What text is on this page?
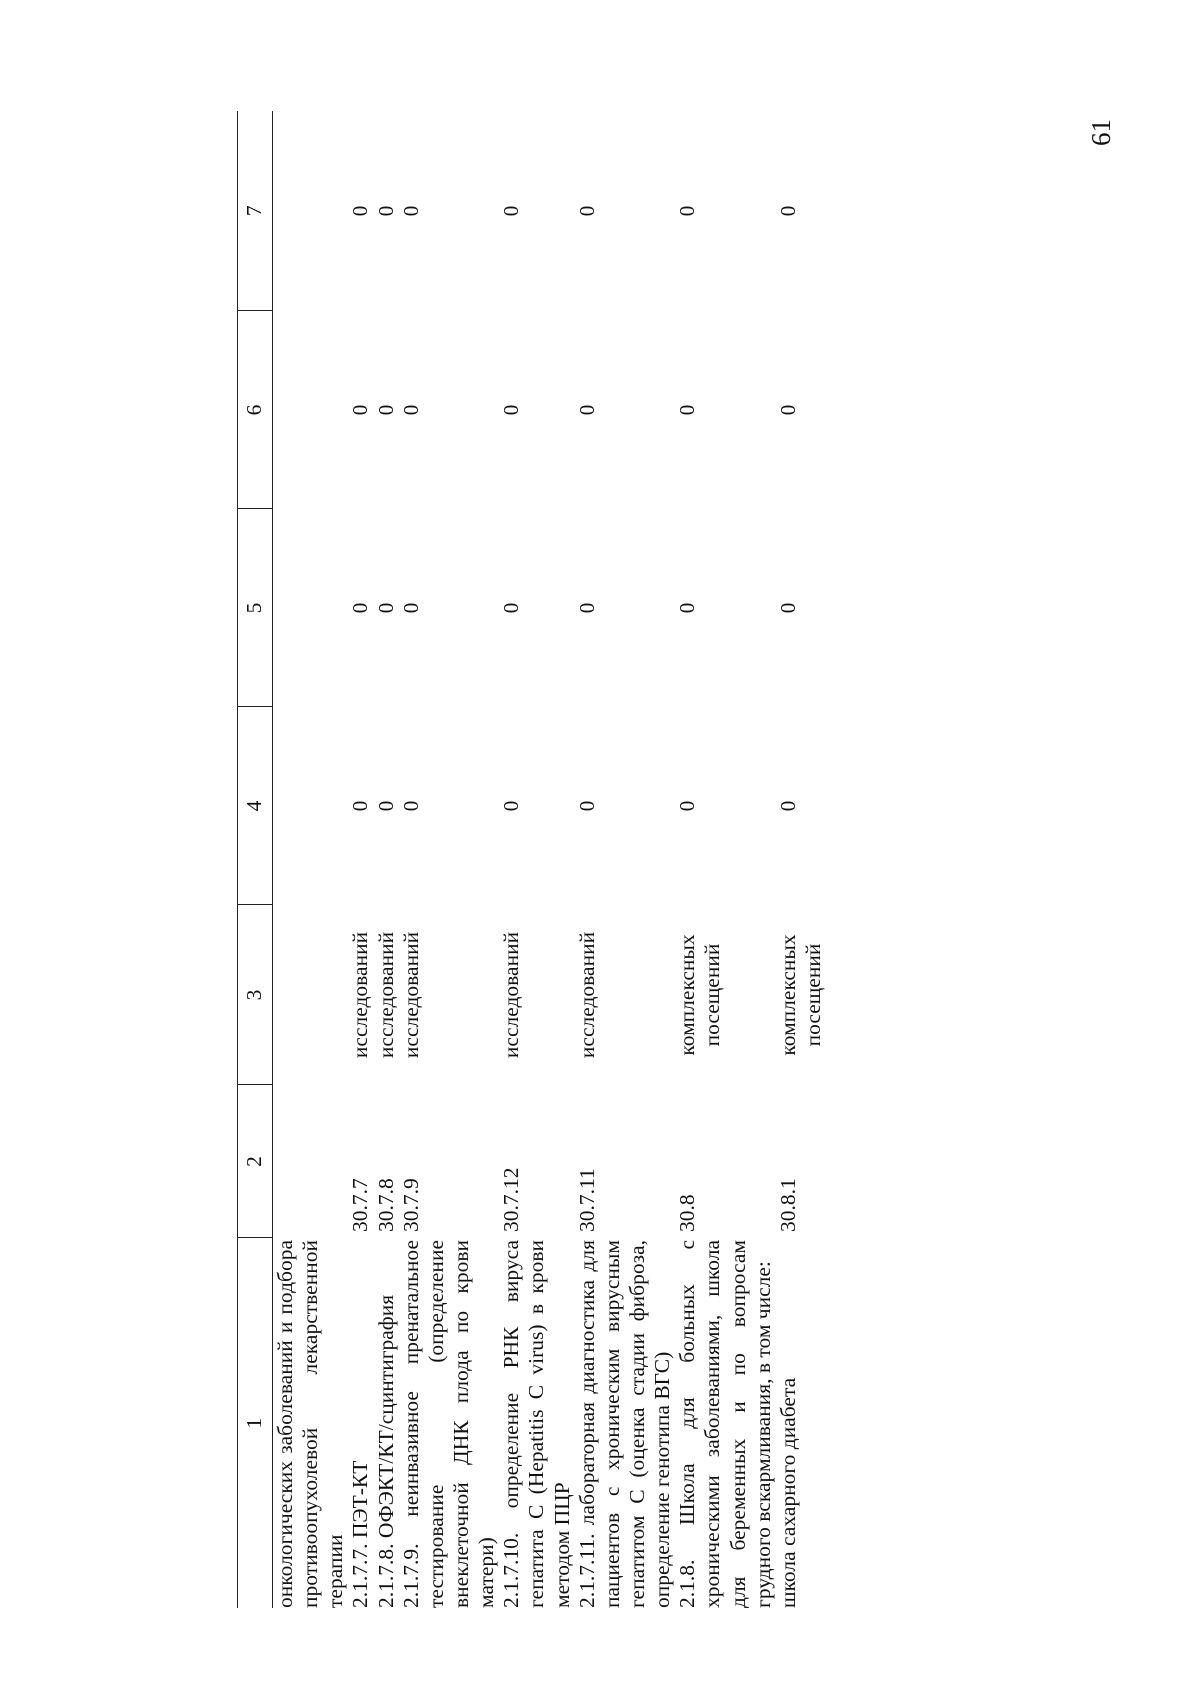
61
1	2	3	4	5	6	7
онкологических заболеваний и подбора противоопухолевой лекарственной терапии						
2.1.7.7. ПЭТ-КТ	30.7.7	исследований	0	0	0	0
2.1.7.8. ОФЭКТ/КТ/сцинтиграфия	30.7.8	исследований	0	0	0	0
2.1.7.9. неинвазивное пренатальное тестирование (определение внеклеточной ДНК плода по крови матери)	30.7.9	исследований	0	0	0	0
2.1.7.10. определение РНК вируса гепатита С (Hepatitis C virus) в крови методом ПЦР	30.7.12	исследований	0	0	0	0
2.1.7.11. лабораторная диагностика для пациентов с хроническим вирусным гепатитом С (оценка стадии фиброза, определение генотипа ВГС)	30.7.11	исследований	0	0	0	0
2.1.8. Школа для больных с хроническими заболеваниями, школа для беременных и по вопросам грудного вскармливания, в том числе:	30.8	комплексных посещений	0	0	0	0
школа сахарного диабета	30.8.1	комплексных посещений	0	0	0	0
